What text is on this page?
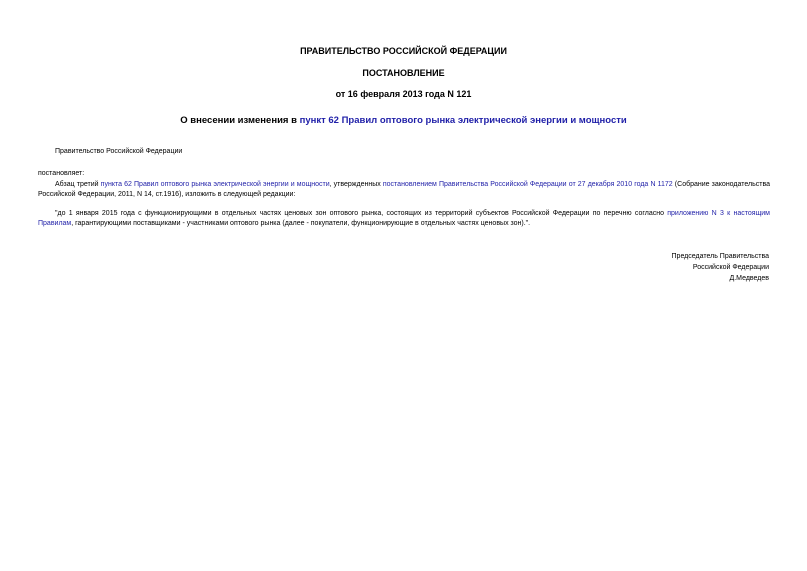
ПРАВИТЕЛЬСТВО РОССИЙСКОЙ ФЕДЕРАЦИИ
ПОСТАНОВЛЕНИЕ
от 16 февраля 2013 года N 121
О внесении изменения в пункт 62 Правил оптового рынка электрической энергии и мощности
Правительство Российской Федерации
постановляет:
Абзац третий пункта 62 Правил оптового рынка электрической энергии и мощности, утвержденных постановлением Правительства Российской Федерации от 27 декабря 2010 года N 1172 (Собрание законодательства Российской Федерации, 2011, N 14, ст.1916), изложить в следующей редакции:
"до 1 января 2015 года с функционирующими в отдельных частях ценовых зон оптового рынка, состоящих из территорий субъектов Российской Федерации по перечню согласно приложению N 3 к настоящим Правилам, гарантирующими поставщиками - участниками оптового рынка (далее - покупатели, функционирующие в отдельных частях ценовых зон).".
Председатель Правительства
Российской Федерации
Д.Медведев
